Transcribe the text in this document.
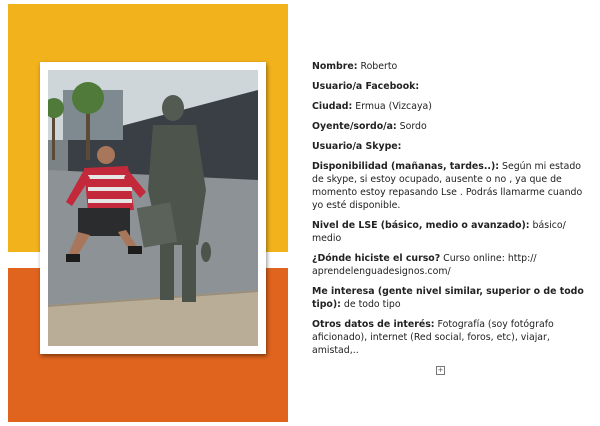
Nombre: Roberto
Usuario/a Facebook:
Ciudad: Ermua (Vizcaya)
Oyente/sordo/a: Sordo
Usuario/a Skype:
Disponibilidad (mañanas, tardes..): Según mi estado de skype, si estoy ocupado, ausente o no , ya que de momento estoy repasando Lse . Podrás llamarme cuando yo esté disponible.
Nivel de LSE (básico, medio o avanzado): básico/ medio
¿Dónde hiciste el curso? Curso online: http:// aprendelenguadesignos.com/
Me interesa (gente nivel similar, superior o de todo tipo): de todo tipo
Otros datos de interés: Fotografía (soy fotógrafo aficionado), internet (Red social, foros, etc), viajar, amistad,..
+
